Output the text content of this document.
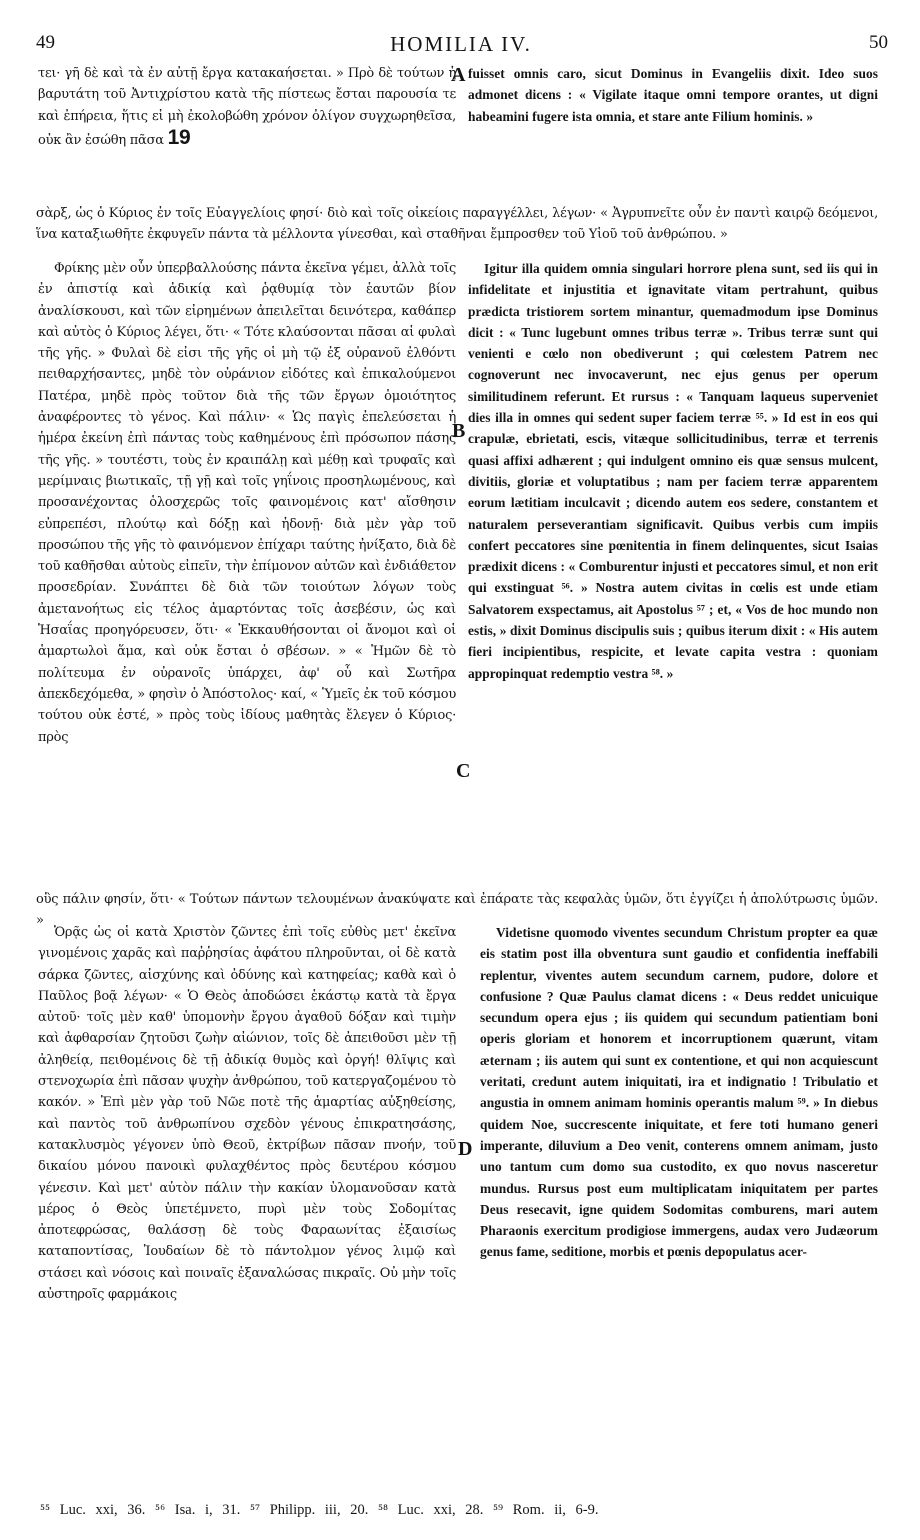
49	HOMILIA IV.	50

τει· γῆ δὲ καὶ τὰ ἐν αὐτῇ ἔργα κατακαήσεται. » Πρὸ δὲ τούτων ἡ βαρυτάτη τοῦ Ἀντιχρίστου κατὰ τῆς πίστεως ἔσται παρουσία τε καὶ ἐπήρεια, ἥτις εἰ μὴ ἐκολοβώθη χρόνον ὀλίγον συγχωρηθεῖσα, οὐκ ἂν ἐσώθη πᾶσα 19

fuisset omnis caro, sicut Dominus in Evangeliis dixit. Ideo suos admonet dicens : « Vigilate itaque omni tempore orantes, ut digni habeamini fugere ista omnia, et stare ante Filium hominis. »

σὰρξ, ὡς ὁ Κύριος ἐν τοῖς Εὐαγγελίοις φησί· διὸ καὶ τοῖς οἰκείοις παραγγέλλει, λέγων· « Ἀγρυπνεῖτε οὖν ἐν παντὶ καιρῷ δεόμενοι, ἵνα καταξιωθῆτε ἐκφυγεῖν πάντα τὰ μέλλοντα γίνεσθαι, καὶ σταθῆναι ἔμπροσθεν τοῦ Υἱοῦ τοῦ ἀνθρώπου. »

Φρίκης μὲν οὖν ὑπερβαλλούσης πάντα ἐκεῖνα γέμει, ἀλλὰ τοῖς ἐν ἀπιστίᾳ καὶ ἀδικίᾳ καὶ ῥᾳθυμίᾳ τὸν ἑαυτῶν βίον ἀναλίσκουσι, καὶ τῶν εἰρημένων ἀπειλεῖται δεινότερα, καθάπερ καὶ αὐτὸς ὁ Κύριος λέγει, ὅτι· « Τότε κλαύσονται πᾶσαι αἱ φυλαὶ τῆς γῆς. » Φυλαὶ δὲ εἰσι τῆς γῆς οἱ μὴ τῷ ἐξ οὐρανοῦ ἐλθόντι πειθαρχήσαντες, μηδὲ τὸν οὐράνιον εἰδότες καὶ ἐπικαλούμενοι Πατέρα, μηδὲ πρὸς τοῦτον διὰ τῆς τῶν ἔργων ὁμοιότητος ἀναφέροντες τὸ γένος. Καὶ πάλιν· « Ὡς παγὶς ἐπελεύσεται ἡ ἡμέρα ἐκείνη ἐπὶ πάντας τοὺς καθημένους ἐπὶ πρόσωπον πάσης τῆς γῆς. » τουτέστι, τοὺς ἐν κραιπάλῃ καὶ μέθῃ καὶ τρυφαῖς καὶ μερίμναις βιωτικαῖς, τῇ γῇ καὶ τοῖς γηΐνοις προσηλωμένους, καὶ προσανέχοντας ὁλοσχερῶς τοῖς φαινομένοις κατ' αἴσθησιν εὐπρεπέσι, πλούτῳ καὶ δόξῃ καὶ ἡδονῇ· διὰ μὲν γὰρ τοῦ προσώπου τῆς γῆς τὸ φαινόμενον ἐπίχαρι ταύτης ἠνίξατο, διὰ δὲ τοῦ καθῆσθαι αὐτοὺς εἰπεῖν, τὴν ἐπίμονον αὐτῶν καὶ ἐνδιάθετον προσεδρίαν. Συνάπτει δὲ διὰ τῶν τοιούτων λόγων τοὺς ἀμετανοήτως εἰς τέλος ἁμαρτόντας τοῖς ἀσεβέσιν, ὡς καὶ Ἡσαΐας προηγόρευσεν, ὅτι· « Ἐκκαυθήσονται οἱ ἄνομοι καὶ οἱ ἁμαρτωλοὶ ἅμα, καὶ οὐκ ἔσται ὁ σβέσων. » « Ἡμῶν δὲ τὸ πολίτευμα ἐν οὐρανοῖς ὑπάρχει, ἀφ' οὗ καὶ Σωτῆρα ἀπεκδεχόμεθα, » φησὶν ὁ Ἀπόστολος· καί, « Ὑμεῖς ἐκ τοῦ κόσμου τούτου οὐκ ἐστέ, » πρὸς τοὺς ἰδίους μαθητὰς ἔλεγεν ὁ Κύριος· πρὸς

Igitur illa quidem omnia singulari horrore plena sunt, sed iis qui in infidelitate et injustitia et ignavitate vitam pertrahunt, quibus prædicta tristiorem sortem minantur, quemadmodum ipse Dominus dicit : « Tunc lugebunt omnes tribus terræ ». Tribus terræ sunt qui venienti e cœlo non obediverunt ; qui cœlestem Patrem nec cognoverunt nec invocaverunt, nec ejus genus per operum similitudinem referunt. Et rursus : « Tanquam laqueus superveniet dies illa in omnes qui sedent super faciem terræ ⁵⁵. » Id est in eos qui crapulæ, ebrietati, escis, vitæque sollicitudinibus, terræ et terrenis quasi affixi adhærent ; qui indulgent omnino eis quæ sensus mulcent, divitiis, gloriæ et voluptatibus ; nam per faciem terræ apparentem eorum lætitiam inculcavit ; dicendo autem eos sedere, constantem et naturalem perseverantiam significavit. Quibus verbis cum impiis confert peccatores sine pœnitentia in finem delinquentes, sicut Isaias prædixit dicens : « Comburentur injusti et peccatores simul, et non erit qui exstinguat ⁵⁶. » Nostra autem civitas in cœlis est unde etiam Salvatorem exspectamus, ait Apostolus ⁵⁷ ; et, « Vos de hoc mundo non estis, » dixit Dominus discipulis suis ; quibus iterum dixit : « His autem fieri incipientibus, respicite, et levate capita vestra : quoniam appropinquat redemptio vestra ⁵⁸. »

οὓς πάλιν φησίν, ὅτι· « Τούτων πάντων τελουμένων ἀνακύψατε καὶ ἐπάρατε τὰς κεφαλὰς ὑμῶν, ὅτι ἐγγίζει ἡ ἀπολύτρωσις ὑμῶν. »

Ὁρᾷς ὡς οἱ κατὰ Χριστὸν ζῶντες ἐπὶ τοῖς εὐθὺς μετ' ἐκεῖνα γινομένοις χαρᾶς καὶ παῤῥησίας ἀφάτου πληροῦνται, οἱ δὲ κατὰ σάρκα ζῶντες, αἰσχύνης καὶ ὀδύνης καὶ κατηφείας; καθὰ καὶ ὁ Παῦλος βοᾷ λέγων· « Ὁ Θεὸς ἀποδώσει ἑκάστῳ κατὰ τὰ ἔργα αὐτοῦ· τοῖς μὲν καθ' ὑπομονὴν ἔργου ἀγαθοῦ δόξαν καὶ τιμὴν καὶ ἀφθαρσίαν ζητοῦσι ζωὴν αἰώνιον, τοῖς δὲ ἀπειθοῦσι μὲν τῇ ἀληθείᾳ, πειθομένοις δὲ τῇ ἀδικίᾳ θυμὸς καὶ ὀργή! θλῖψις καὶ στενοχωρία ἐπὶ πᾶσαν ψυχὴν ἀνθρώπου, τοῦ κατεργαζομένου τὸ κακόν. » Ἐπὶ μὲν γὰρ τοῦ Νῶε ποτὲ τῆς ἁμαρτίας αὐξηθείσης, καὶ παντὸς τοῦ ἀνθρωπίνου σχεδὸν γένους ἐπικρατησάσης, κατακλυσμὸς γέγονεν ὑπὸ Θεοῦ, ἐκτρίβων πᾶσαν πνοήν, τοῦ δικαίου μόνου πανοικὶ φυλαχθέντος πρὸς δευτέρου κόσμου γένεσιν. Καὶ μετ' αὐτὸν πάλιν τὴν κακίαν ὑλομανοῦσαν κατὰ μέρος ὁ Θεὸς ὑπετέμνετο, πυρὶ μὲν τοὺς Σοδομίτας ἀποτεφρώσας, θαλάσσῃ δὲ τοὺς Φαραωνίτας ἐξαισίως καταποντίσας, Ἰουδαίων δὲ τὸ πάντολμον γένος λιμῷ καὶ στάσει καὶ νόσοις καὶ ποιναῖς ἐξαναλώσας πικραῖς. Οὐ μὴν τοῖς αὐστηροῖς φαρμάκοις

Videtisne quomodo viventes secundum Christum propter ea quæ eis statim post illa obventura sunt gaudio et confidentia ineffabili replentur, viventes autem secundum carnem, pudore, dolore et confusione ? Quæ Paulus clamat dicens : « Deus reddet unicuique secundum opera ejus ; iis quidem qui secundum patientiam boni operis gloriam et honorem et incorruptionem quærunt, vitam æternam ; iis autem qui sunt ex contentione, et qui non acquiescunt veritati, credunt autem iniquitati, ira et indignatio ! Tribulatio et angustia in omnem animam hominis operantis malum ⁵⁹. » In diebus quidem Noe, succrescente iniquitate, et fere toti humano generi imperante, diluvium a Deo venit, conterens omnem animam, justo uno tantum cum domo sua custodito, ex quo novus nasceretur mundus. Rursus post eum multiplicatam iniquitatem per partes Deus resecavit, igne quidem Sodomitas comburens, mari autem Pharaonis exercitum prodigiose immergens, audax vero Judæorum genus fame, seditione, morbis et pœnis depopulatus acer-

A
B
C
D
⁵⁵ Luc. xxi, 36. ⁵⁶ Isa. i, 31. ⁵⁷ Philipp. iii, 20. ⁵⁸ Luc. xxi, 28. ⁵⁹ Rom. ii, 6-9.
